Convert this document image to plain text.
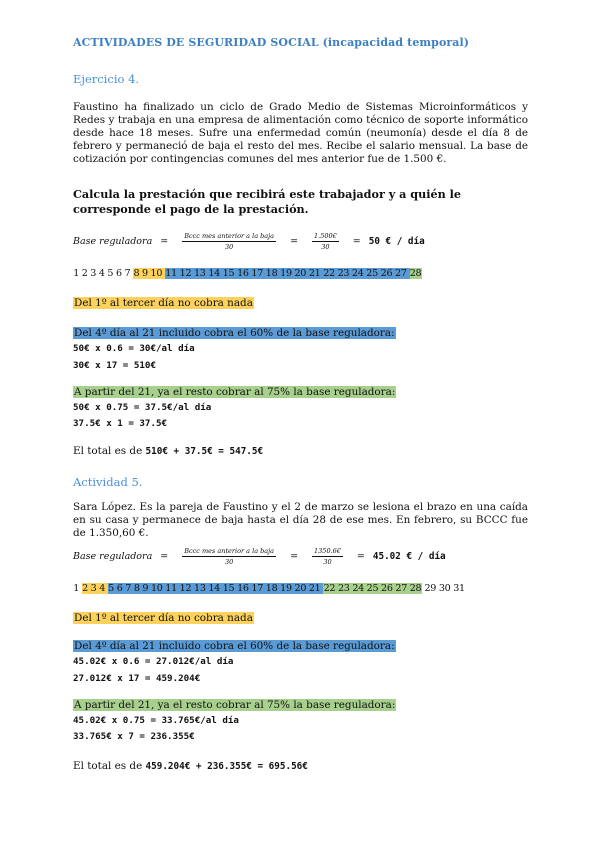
ACTIVIDADES DE SEGURIDAD SOCIAL (incapacidad temporal)

Ejercicio 4.

Faustino ha finalizado un ciclo de Grado Medio de Sistemas Microinformáticos y Redes y trabaja en una empresa de alimentación como técnico de soporte informático desde hace 18 meses. Sufre una enfermedad común (neumonía) desde el día 8 de febrero y permaneció de baja el resto del mes. Recibe el salario mensual. La base de cotización por contingencias comunes del mes anterior fue de 1.500 €.

Calcula la prestación que recibirá este trabajador y a quién le corresponde el pago de la prestación.

Base reguladora = $\frac{\text{Bccc mes anterior a la baja}}{30} = \frac{1.500€}{30} = 50$ € / día

1 2 3 4 5 6 7 8 9 10 11 12 13 14 15 16 17 18 19 20 21 22 23 24 25 26 27 28

Del 1º al tercer día no cobra nada

Del 4º día al 21 incluido cobra el 60% de la base reguladora:

50€ x 0.6 = 30€/al día

30€ x 17 = 510€

A partir del 21, ya el resto cobrar al 75% la base reguladora:

50€ x 0.75 = 37.5€/al día

37.5€ x 1 = 37.5€

El total es de 510€ + 37.5€ = 547.5€

Actividad 5.

Sara López. Es la pareja de Faustino y el 2 de marzo se lesiona el brazo en una caída en su casa y permanece de baja hasta el día 28 de ese mes. En febrero, su BCCC fue de 1.350,60 €.

Base reguladora = $\frac{\text{Bccc mes anterior a la baja}}{30} = \frac{1350.6€}{30} = 45.02$ € / día

1 2 3 4 5 6 7 8 9 10 11 12 13 14 15 16 17 18 19 20 21 22 23 24 25 26 27 28 29 30 31

Del 1º al tercer día no cobra nada

Del 4º día al 21 incluido cobra el 60% de la base reguladora:

45.02€ x 0.6 = 27.012€/al día

27.012€ x 17 = 459.204€

A partir del 21, ya el resto cobrar al 75% la base reguladora:

45.02€ x 0.75 = 33.765€/al día

33.765€ x 7 = 236.355€

El total es de 459.204€ + 236.355€ = 695.56€
